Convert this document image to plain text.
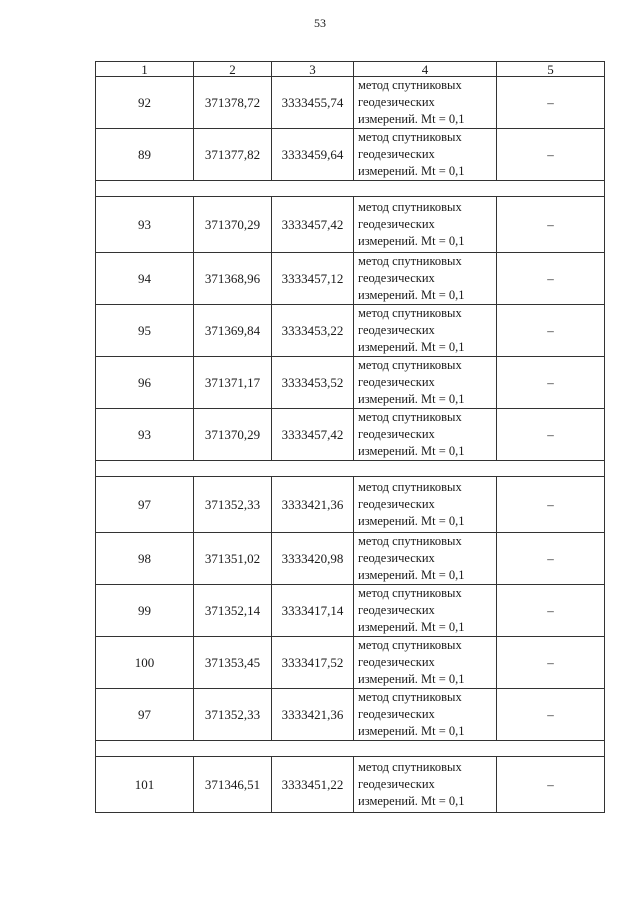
53
1	2	3	4	5
92	371378,72	3333455,74	метод спутниковых
геодезических
измерений. Mt = 0,1	–
89	371377,82	3333459,64	метод спутниковых
геодезических
измерений. Mt = 0,1	–

93	371370,29	3333457,42	метод спутниковых
геодезических
измерений. Mt = 0,1	–
94	371368,96	3333457,12	метод спутниковых
геодезических
измерений. Mt = 0,1	–
95	371369,84	3333453,22	метод спутниковых
геодезических
измерений. Mt = 0,1	–
96	371371,17	3333453,52	метод спутниковых
геодезических
измерений. Mt = 0,1	–
93	371370,29	3333457,42	метод спутниковых
геодезических
измерений. Mt = 0,1	–

97	371352,33	3333421,36	метод спутниковых
геодезических
измерений. Mt = 0,1	–
98	371351,02	3333420,98	метод спутниковых
геодезических
измерений. Mt = 0,1	–
99	371352,14	3333417,14	метод спутниковых
геодезических
измерений. Mt = 0,1	–
100	371353,45	3333417,52	метод спутниковых
геодезических
измерений. Mt = 0,1	–
97	371352,33	3333421,36	метод спутниковых
геодезических
измерений. Mt = 0,1	–

101	371346,51	3333451,22	метод спутниковых
геодезических
измерений. Mt = 0,1	–
